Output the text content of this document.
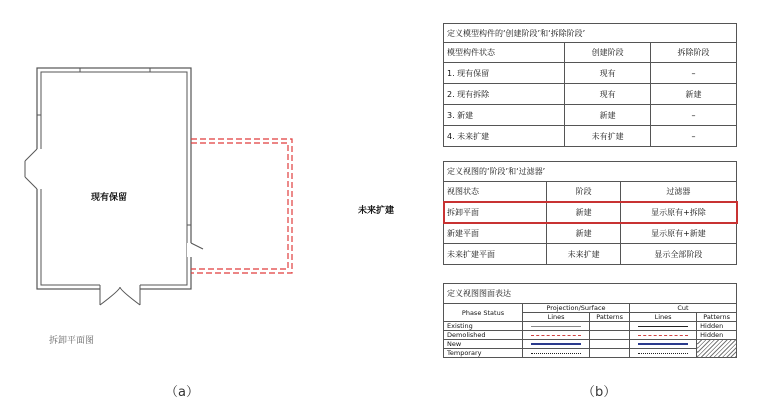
现有保留
未来扩建
拆卸平面图
（a）
定义模型构件的‘创建阶段’和‘拆除阶段’		
模型构件状态	创建阶段	拆除阶段
1. 现有保留	现有	–
2. 现有拆除	现有	新建
3. 新建	新建	–
4. 未来扩建	未有扩建	–
定义视图的‘阶段’和‘过滤器’		
视图状态	阶段	过滤器
拆卸平面	新建	显示原有+拆除
新建平面	新建	显示原有+新建
未来扩建平面	未来扩建	显示全部阶段
定义视图图面表达				
Phase Status	Projection/Surface		Cut	
	Lines	Patterns	Lines	Patterns
Existing				Hidden
Demolished				Hidden
New	

Temporary		

（b）
